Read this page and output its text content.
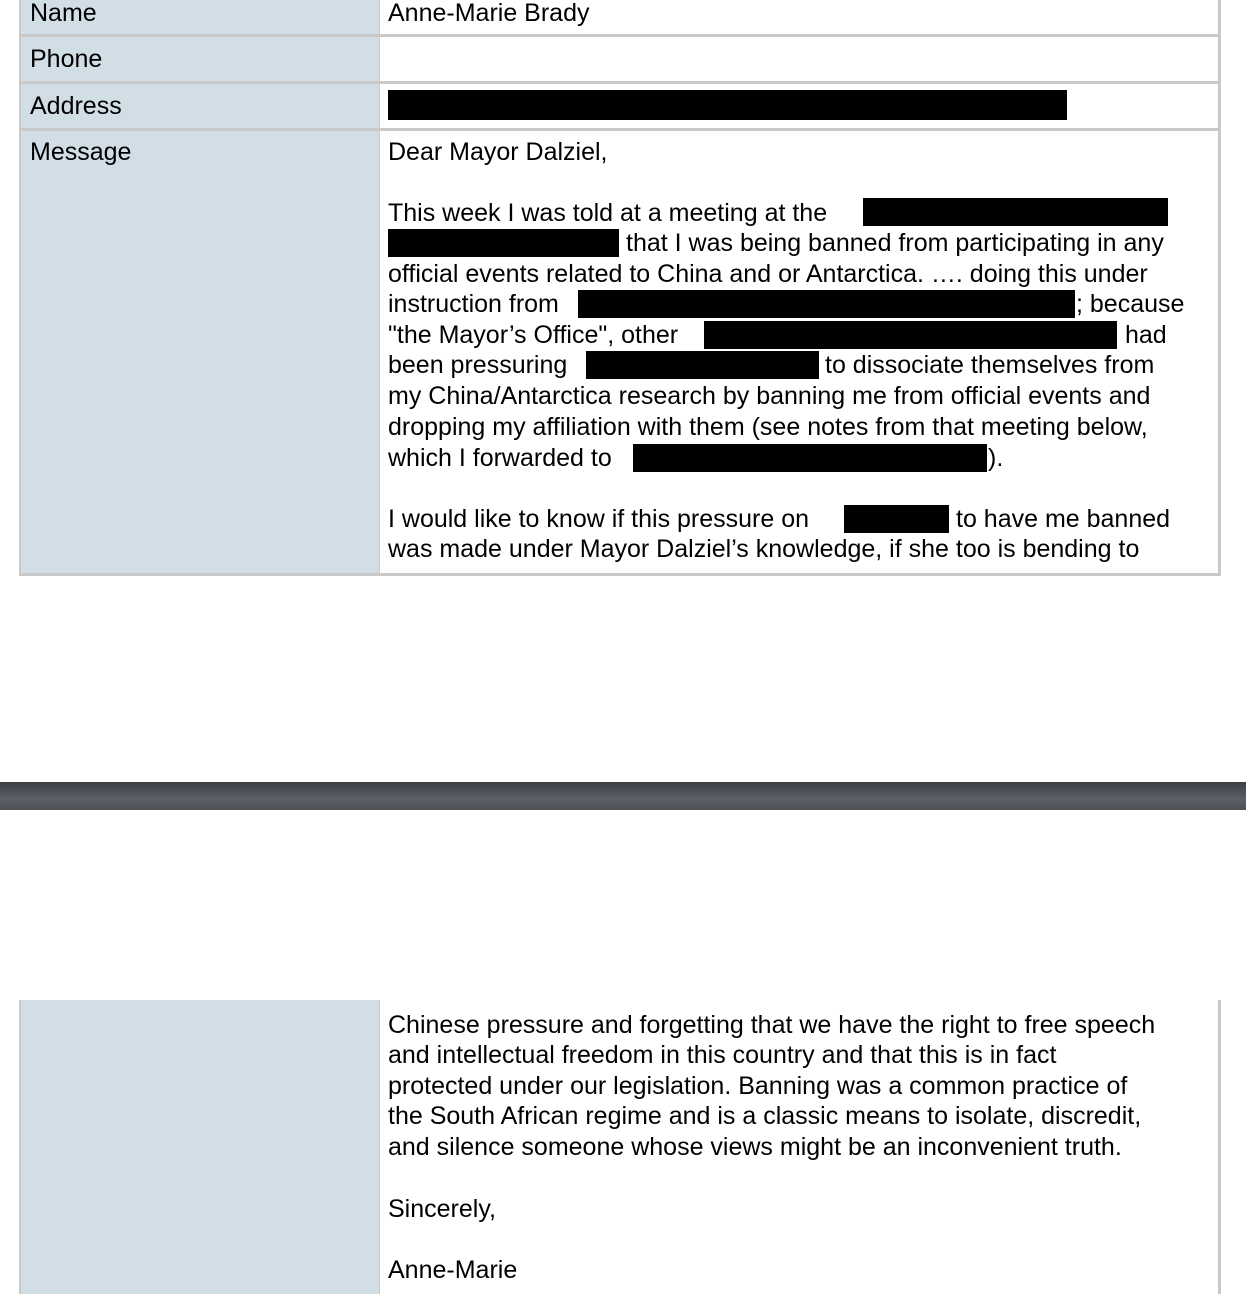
Name	Anne-Marie Brady
Phone
Address
Message	Dear Mayor Dalziel,
This week I was told at a meeting at the
that I was being banned from participating in any
official events related to China and or Antarctica. …. doing this under
instruction from	; because
"the Mayor’s Office", other	had
been pressuring	to dissociate themselves from
my China/Antarctica research by banning me from official events and
dropping my affiliation with them (see notes from that meeting below,
which I forwarded to	).
I would like to know if this pressure on	to have me banned
was made under Mayor Dalziel’s knowledge, if she too is bending to
Chinese pressure and forgetting that we have the right to free speech
and intellectual freedom in this country and that this is in fact
protected under our legislation. Banning was a common practice of
the South African regime and is a classic means to isolate, discredit,
and silence someone whose views might be an inconvenient truth.
Sincerely,
Anne-Marie
